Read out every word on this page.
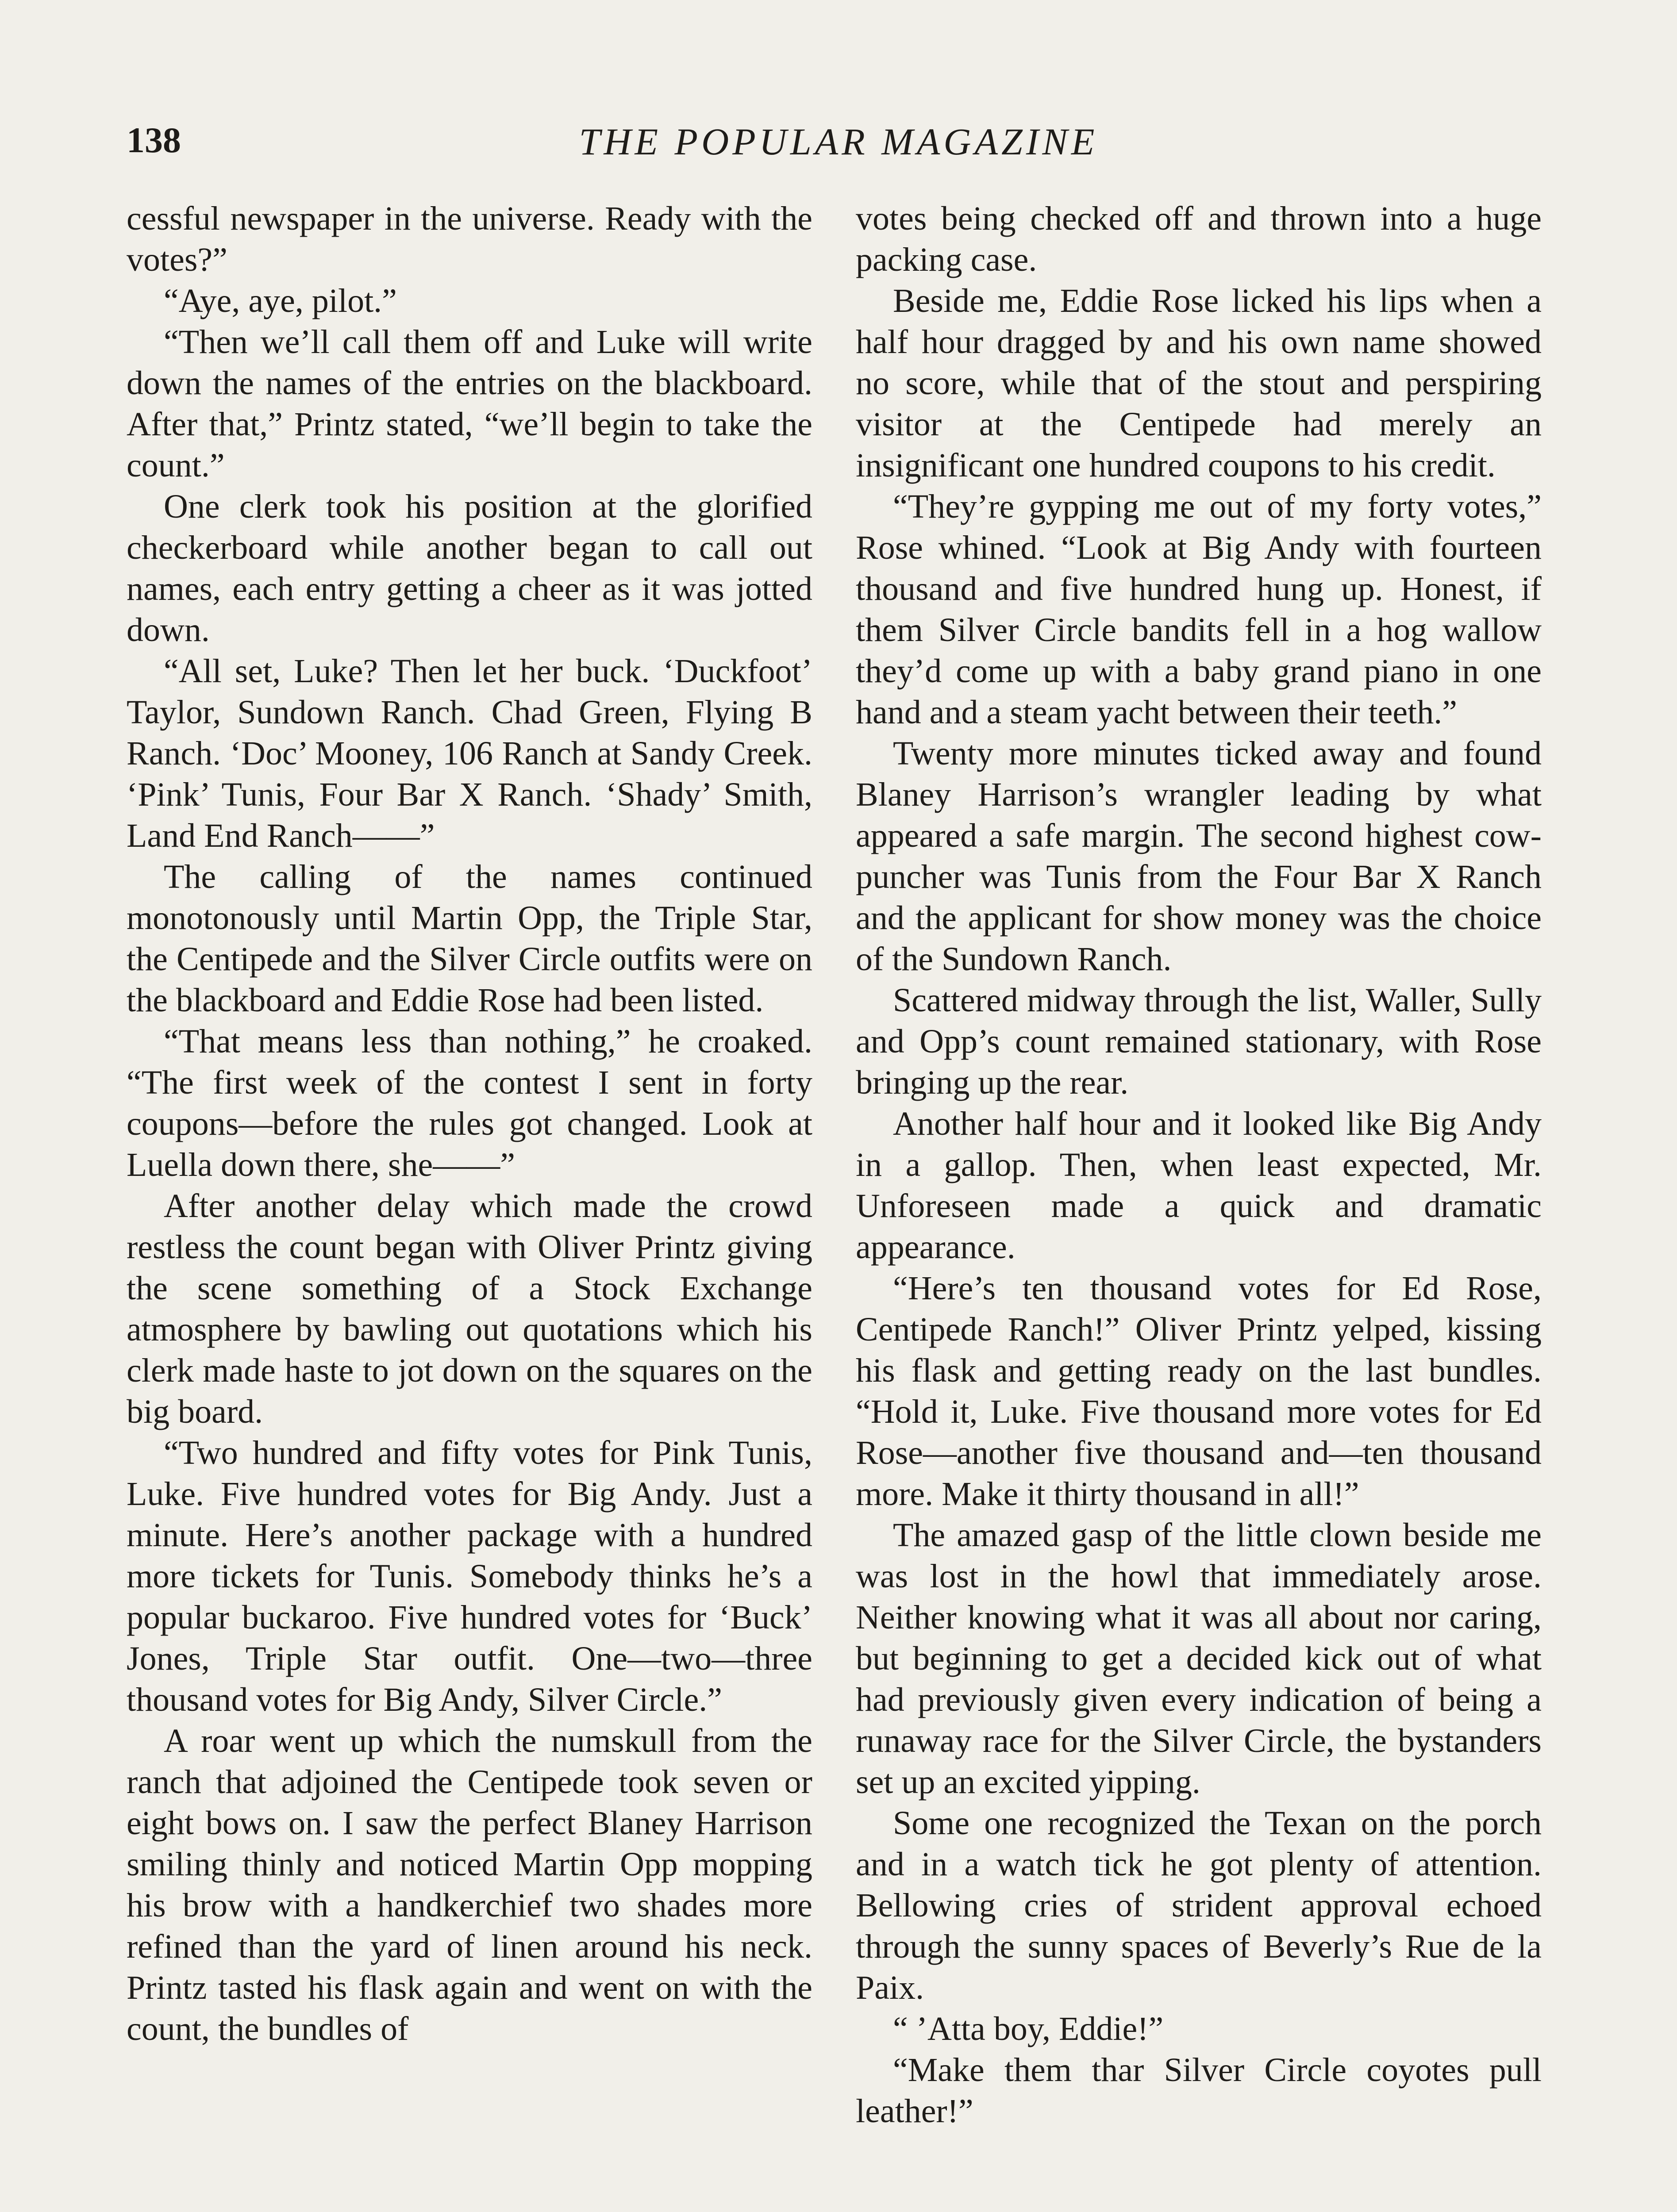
138	THE POPULAR MAGAZINE

cessful newspaper in the universe. Ready with the votes?”

“Aye, aye, pilot.”

“Then we’ll call them off and Luke will write down the names of the entries on the blackboard. After that,” Printz stated, “we’ll begin to take the count.”

One clerk took his position at the glorified checkerboard while another began to call out names, each entry getting a cheer as it was jotted down.

“All set, Luke? Then let her buck. ‘Duckfoot’ Taylor, Sundown Ranch. Chad Green, Flying B Ranch. ‘Doc’ Mooney, 106 Ranch at Sandy Creek. ‘Pink’ Tunis, Four Bar X Ranch. ‘Shady’ Smith, Land End Ranch——”

The calling of the names continued monotonously until Martin Opp, the Triple Star, the Centipede and the Silver Circle outfits were on the blackboard and Eddie Rose had been listed.

“That means less than nothing,” he croaked. “The first week of the contest I sent in forty coupons—before the rules got changed. Look at Luella down there, she——”

After another delay which made the crowd restless the count began with Oliver Printz giving the scene something of a Stock Exchange atmosphere by bawling out quotations which his clerk made haste to jot down on the squares on the big board.

“Two hundred and fifty votes for Pink Tunis, Luke. Five hundred votes for Big Andy. Just a minute. Here’s another package with a hundred more tickets for Tunis. Somebody thinks he’s a popular buckaroo. Five hundred votes for ‘Buck’ Jones, Triple Star outfit. One—two—three thousand votes for Big Andy, Silver Circle.”

A roar went up which the numskull from the ranch that adjoined the Centipede took seven or eight bows on. I saw the perfect Blaney Harrison smiling thinly and noticed Martin Opp mopping his brow with a handkerchief two shades more refined than the yard of linen around his neck. Printz tasted his flask again and went on with the count, the bundles of

votes being checked off and thrown into a huge packing case.

Beside me, Eddie Rose licked his lips when a half hour dragged by and his own name showed no score, while that of the stout and perspiring visitor at the Centipede had merely an insignificant one hundred coupons to his credit.

“They’re gypping me out of my forty votes,” Rose whined. “Look at Big Andy with fourteen thousand and five hundred hung up. Honest, if them Silver Circle bandits fell in a hog wallow they’d come up with a baby grand piano in one hand and a steam yacht between their teeth.”

Twenty more minutes ticked away and found Blaney Harrison’s wrangler leading by what appeared a safe margin. The second highest cow-puncher was Tunis from the Four Bar X Ranch and the applicant for show money was the choice of the Sundown Ranch.

Scattered midway through the list, Waller, Sully and Opp’s count remained stationary, with Rose bringing up the rear.

Another half hour and it looked like Big Andy in a gallop. Then, when least expected, Mr. Unforeseen made a quick and dramatic appearance.

“Here’s ten thousand votes for Ed Rose, Centipede Ranch!” Oliver Printz yelped, kissing his flask and getting ready on the last bundles. “Hold it, Luke. Five thousand more votes for Ed Rose—another five thousand and—ten thousand more. Make it thirty thousand in all!”

The amazed gasp of the little clown beside me was lost in the howl that immediately arose. Neither knowing what it was all about nor caring, but beginning to get a decided kick out of what had previously given every indication of being a runaway race for the Silver Circle, the bystanders set up an excited yipping.

Some one recognized the Texan on the porch and in a watch tick he got plenty of attention. Bellowing cries of strident approval echoed through the sunny spaces of Beverly’s Rue de la Paix.

“ ’Atta boy, Eddie!”

“Make them thar Silver Circle coyotes pull leather!”
